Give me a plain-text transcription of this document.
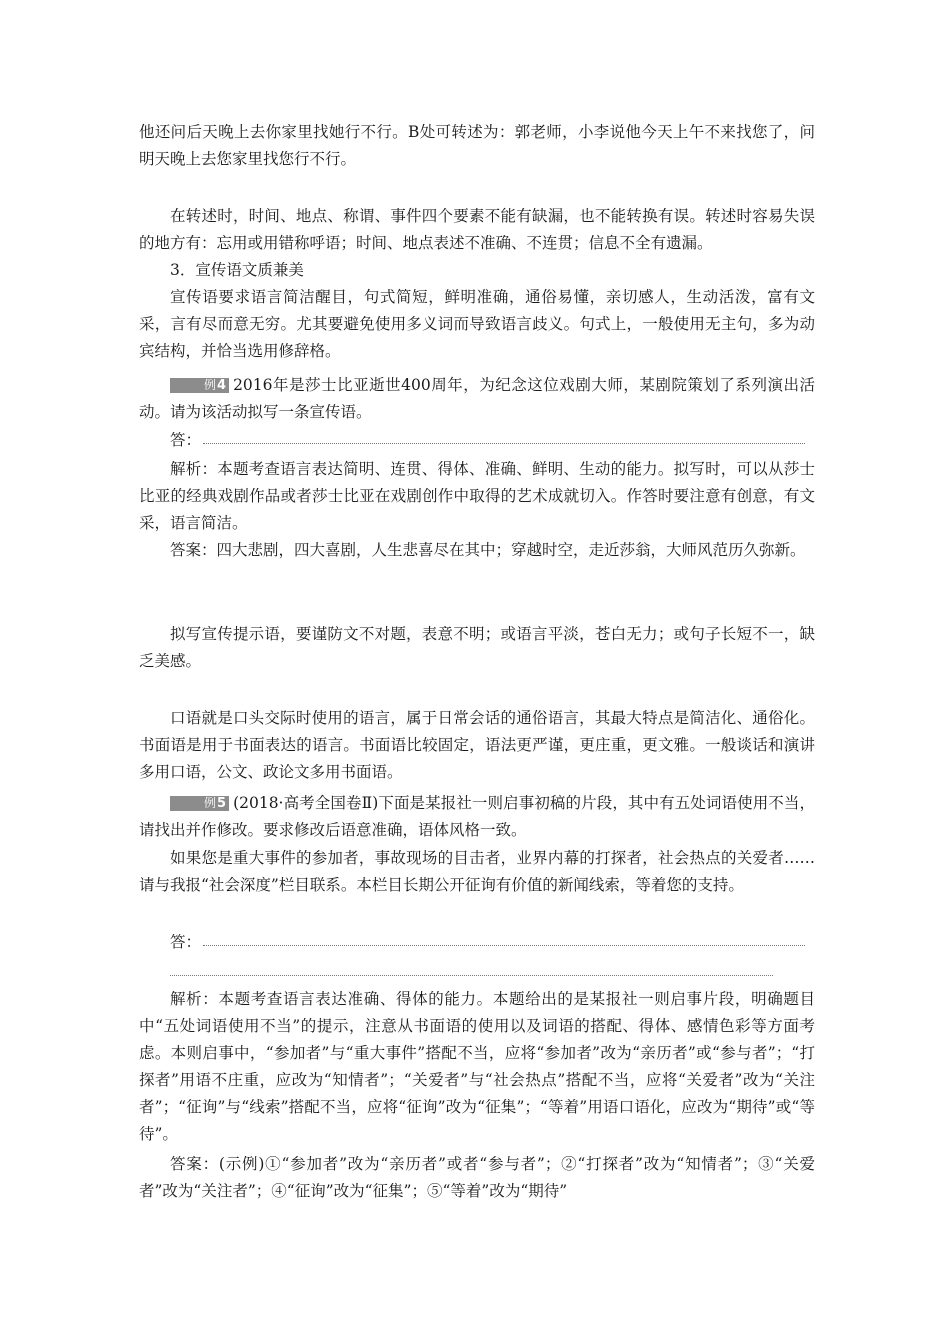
他还问后天晚上去你家里找她行不行。B处可转述为：郭老师，小李说他今天上午不来找您了，问明天晚上去您家里找您行不行。

在转述时，时间、地点、称谓、事件四个要素不能有缺漏，也不能转换有误。转述时容易失误的地方有：忘用或用错称呼语；时间、地点表述不准确、不连贯；信息不全有遗漏。

3．宣传语文质兼美

宣传语要求语言简洁醒目，句式简短，鲜明准确，通俗易懂，亲切感人，生动活泼，富有文采，言有尽而意无穷。尤其要避免使用多义词而导致语言歧义。句式上，一般使用无主句，多为动宾结构，并恰当选用修辞格。

例4 2016年是莎士比亚逝世400周年，为纪念这位戏剧大师，某剧院策划了系列演出活动。请为该活动拟写一条宣传语。

答：

解析：本题考查语言表达简明、连贯、得体、准确、鲜明、生动的能力。拟写时，可以从莎士比亚的经典戏剧作品或者莎士比亚在戏剧创作中取得的艺术成就切入。作答时要注意有创意，有文采，语言简洁。

答案：四大悲剧，四大喜剧，人生悲喜尽在其中；穿越时空，走近莎翁，大师风范历久弥新。

拟写宣传提示语，要谨防文不对题，表意不明；或语言平淡，苍白无力；或句子长短不一，缺乏美感。

口语就是口头交际时使用的语言，属于日常会话的通俗语言，其最大特点是简洁化、通俗化。书面语是用于书面表达的语言。书面语比较固定，语法更严谨，更庄重，更文雅。一般谈话和演讲多用口语，公文、政论文多用书面语。

例5 (2018·高考全国卷Ⅱ)下面是某报社一则启事初稿的片段，其中有五处词语使用不当，请找出并作修改。要求修改后语意准确，语体风格一致。

如果您是重大事件的参加者，事故现场的目击者，业界内幕的打探者，社会热点的关爱者……请与我报“社会深度”栏目联系。本栏目长期公开征询有价值的新闻线索，等着您的支持。

答：

解析：本题考查语言表达准确、得体的能力。本题给出的是某报社一则启事片段，明确题目中“五处词语使用不当”的提示，注意从书面语的使用以及词语的搭配、得体、感情色彩等方面考虑。本则启事中，“参加者”与“重大事件”搭配不当，应将“参加者”改为“亲历者”或“参与者”；“打探者”用语不庄重，应改为“知情者”；“关爱者”与“社会热点”搭配不当，应将“关爱者”改为“关注者”；“征询”与“线索”搭配不当，应将“征询”改为“征集”；“等着”用语口语化，应改为“期待”或“等待”。

答案：(示例)①“参加者”改为“亲历者”或者“参与者”；②“打探者”改为“知情者”；③“关爱者”改为“关注者”；④“征询”改为“征集”；⑤“等着”改为“期待”
